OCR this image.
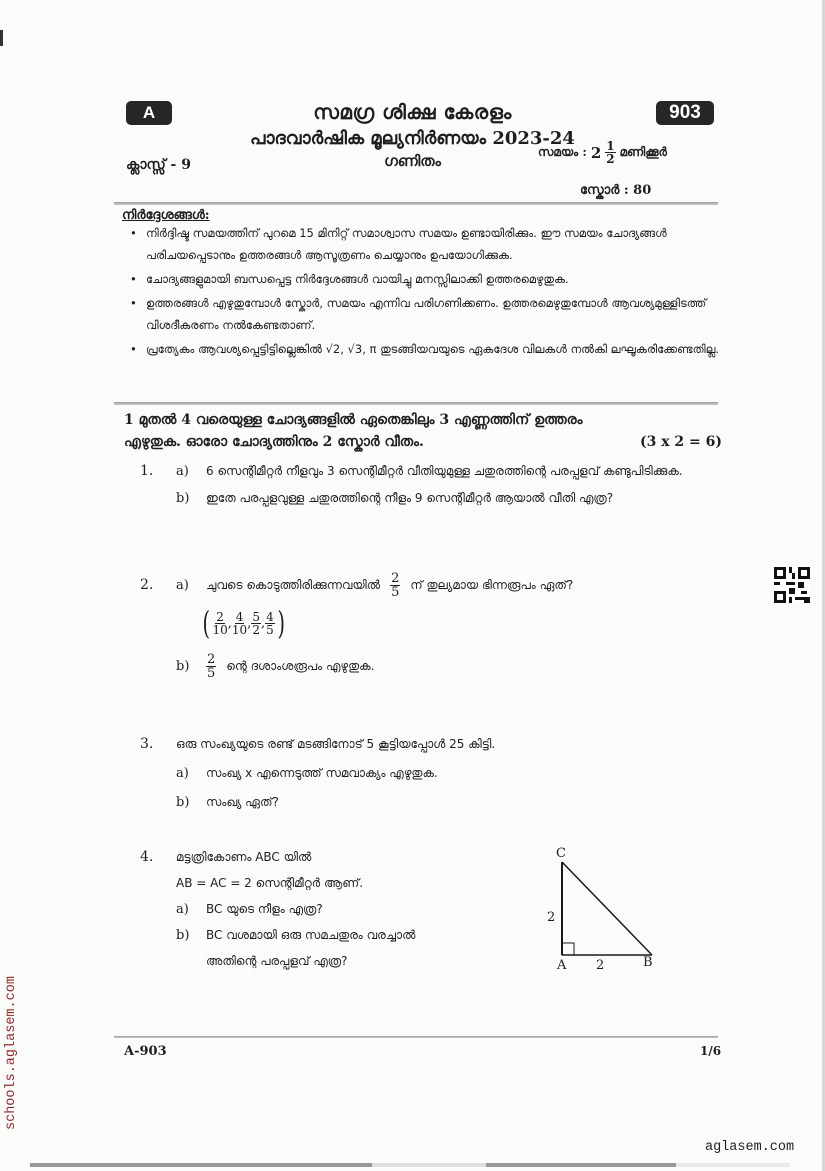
A	903
സമഗ്ര ശിക്ഷ കേരളം
പാദവാർഷിക മൂല്യനിർണയം 2023-24
ക്ലാസ്സ് - 9	ഗണിതം	സമയം : $2 \frac{1}{2}$ മണിക്കൂർ
സ്കോർ : 80
നിർദ്ദേശങ്ങൾ:
• നിർദ്ദിഷ്ട സമയത്തിന് പുറമെ 15 മിനിറ്റ് സമാശ്വാസ സമയം ഉണ്ടായിരിക്കും. ഈ സമയം ചോദ്യങ്ങൾ പരിചയപ്പെടാനും ഉത്തരങ്ങൾ ആസൂത്രണം ചെയ്യാനും ഉപയോഗിക്കുക.
• ചോദ്യങ്ങളുമായി ബന്ധപ്പെട്ട നിർദ്ദേശങ്ങൾ വായിച്ചു മനസ്സിലാക്കി ഉത്തരമെഴുതുക.
• ഉത്തരങ്ങൾ എഴുതുമ്പോൾ സ്കോർ, സമയം എന്നിവ പരിഗണിക്കണം. ഉത്തരമെഴുതുമ്പോൾ ആവശ്യമുള്ളിടത്ത് വിശദീകരണം നൽകേണ്ടതാണ്.
• പ്രത്യേകം ആവശ്യപ്പെട്ടിട്ടില്ലെങ്കിൽ √2, √3, π തുടങ്ങിയവയുടെ ഏകദേശ വിലകൾ നൽകി ലഘൂകരിക്കേണ്ടതില്ല.
1 മുതൽ 4 വരെയുള്ള ചോദ്യങ്ങളിൽ ഏതെങ്കിലും 3 എണ്ണത്തിന് ഉത്തരം
എഴുതുക. ഓരോ ചോദ്യത്തിനും 2 സ്കോർ വീതം.	(3 x 2 = 6)
1.	a)	6 സെന്റിമീറ്റർ നീളവും 3 സെന്റിമീറ്റർ വീതിയുമുള്ള ചതുരത്തിന്റെ പരപ്പളവ് കണ്ടുപിടിക്കുക.
b)	ഇതേ പരപ്പളവുള്ള ചതുരത്തിന്റെ നീളം 9 സെന്റിമീറ്റർ ആയാൽ വീതി എത്ര?
2.	a)	ചുവടെ കൊടുത്തിരിക്കുന്നവയിൽ $\frac{2}{5}$ ന് തുല്യമായ ഭിന്നരൂപം ഏത്?
( $\frac{2}{10}$ , $\frac{4}{10}$ , $\frac{5}{2}$ , $\frac{4}{5}$ )
b)	$\frac{2}{5}$ ന്റെ ദശാംശരൂപം എഴുതുക.
3.	ഒരു സംഖ്യയുടെ രണ്ട് മടങ്ങിനോട് 5 കൂട്ടിയപ്പോൾ 25 കിട്ടി.
a)	സംഖ്യ x എന്നെടുത്ത് സമവാക്യം എഴുതുക.
b)	സംഖ്യ ഏത്?
4.	മട്ടത്രികോണം ABC യിൽ
AB = AC = 2 സെന്റിമീറ്റർ ആണ്.
a)	BC യുടെ നീളം എത്ര?
b)	BC വശമായി ഒരു സമചതുരം വരച്ചാൽ
അതിന്റെ പരപ്പളവ് എത്ര?
C
2
A 2	B
A-903	1/6
schools.aglasem.com
aglasem.com
